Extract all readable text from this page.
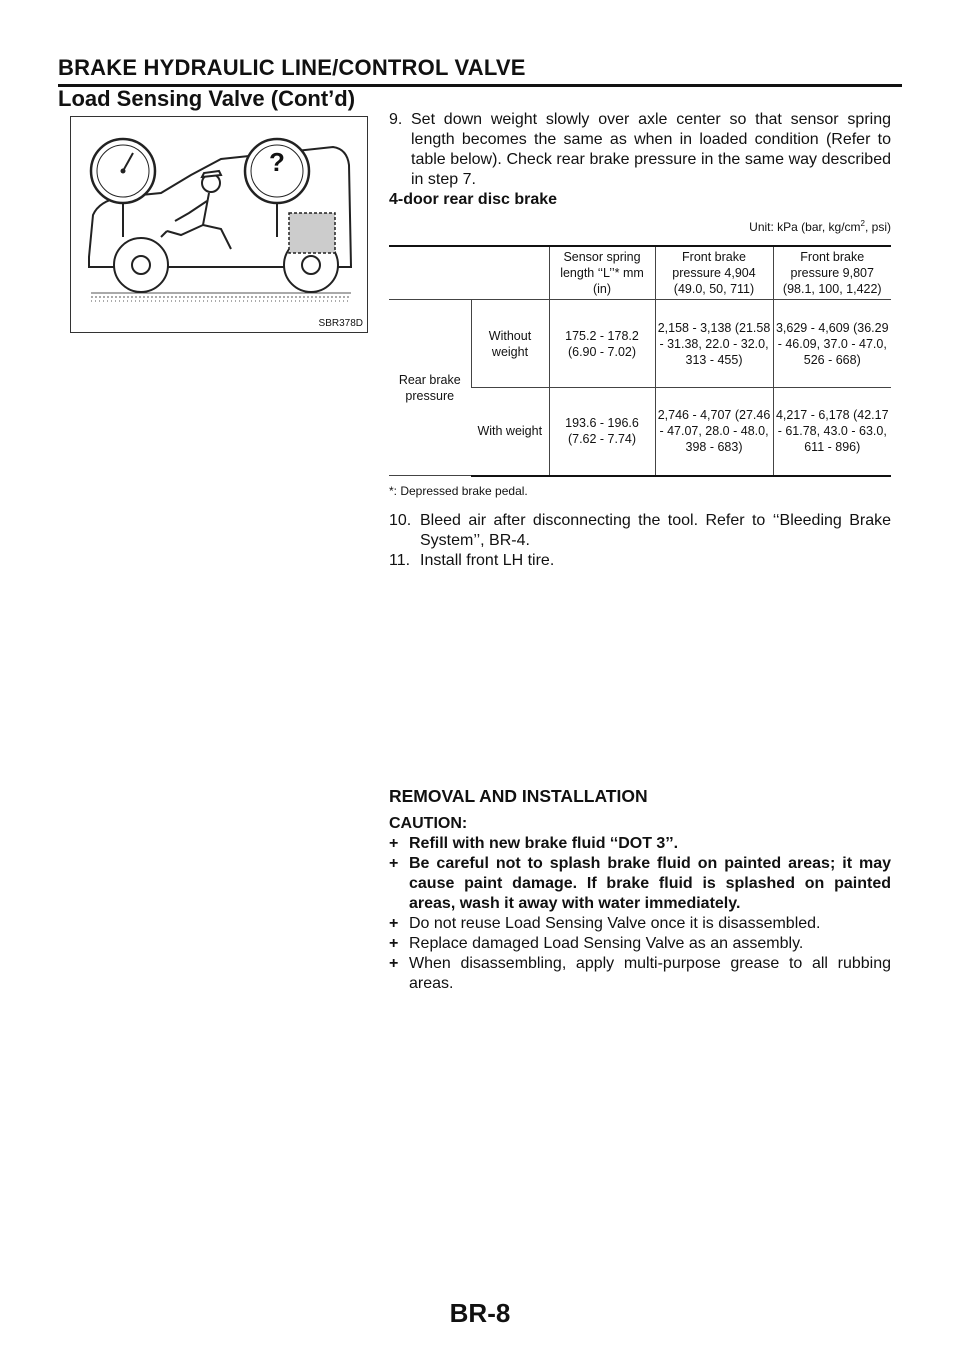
BRAKE HYDRAULIC LINE/CONTROL VALVE
Load Sensing Valve (Cont’d)
?
SBR378D
9. Set down weight slowly over axle center so that sensor spring length becomes the same as when in loaded condition (Refer to table below). Check rear brake pressure in the same way described in step 7.
4-door rear disc brake
Unit: kPa (bar, $kg/cm^2$, psi)
		Sensor spring length ‘‘L’’* mm (in)	Front brake pressure 4,904 (49.0, 50, 711)	Front brake pressure 9,807 (98.1, 100, 1,422)
Rear brake pressure	Without weight	175.2 - 178.2 (6.90 - 7.02)	2,158 - 3,138 (21.58 - 31.38, 22.0 - 32.0, 313 - 455)	3,629 - 4,609 (36.29 - 46.09, 37.0 - 47.0, 526 - 668)
	With weight	193.6 - 196.6 (7.62 - 7.74)	2,746 - 4,707 (27.46 - 47.07, 28.0 - 48.0, 398 - 683)	4,217 - 6,178 (42.17 - 61.78, 43.0 - 63.0, 611 - 896)
*: Depressed brake pedal.
10. Bleed air after disconnecting the tool. Refer to ‘‘Bleeding Brake System’’, BR-4.
11. Install front LH tire.
REMOVAL AND INSTALLATION
CAUTION:
+ Refill with new brake fluid ‘‘DOT 3’’.
+ Be careful not to splash brake fluid on painted areas; it may cause paint damage. If brake fluid is splashed on painted areas, wash it away with water immediately.
+ Do not reuse Load Sensing Valve once it is disassembled.
+ Replace damaged Load Sensing Valve as an assembly.
+ When disassembling, apply multi-purpose grease to all rubbing areas.
BR-8
